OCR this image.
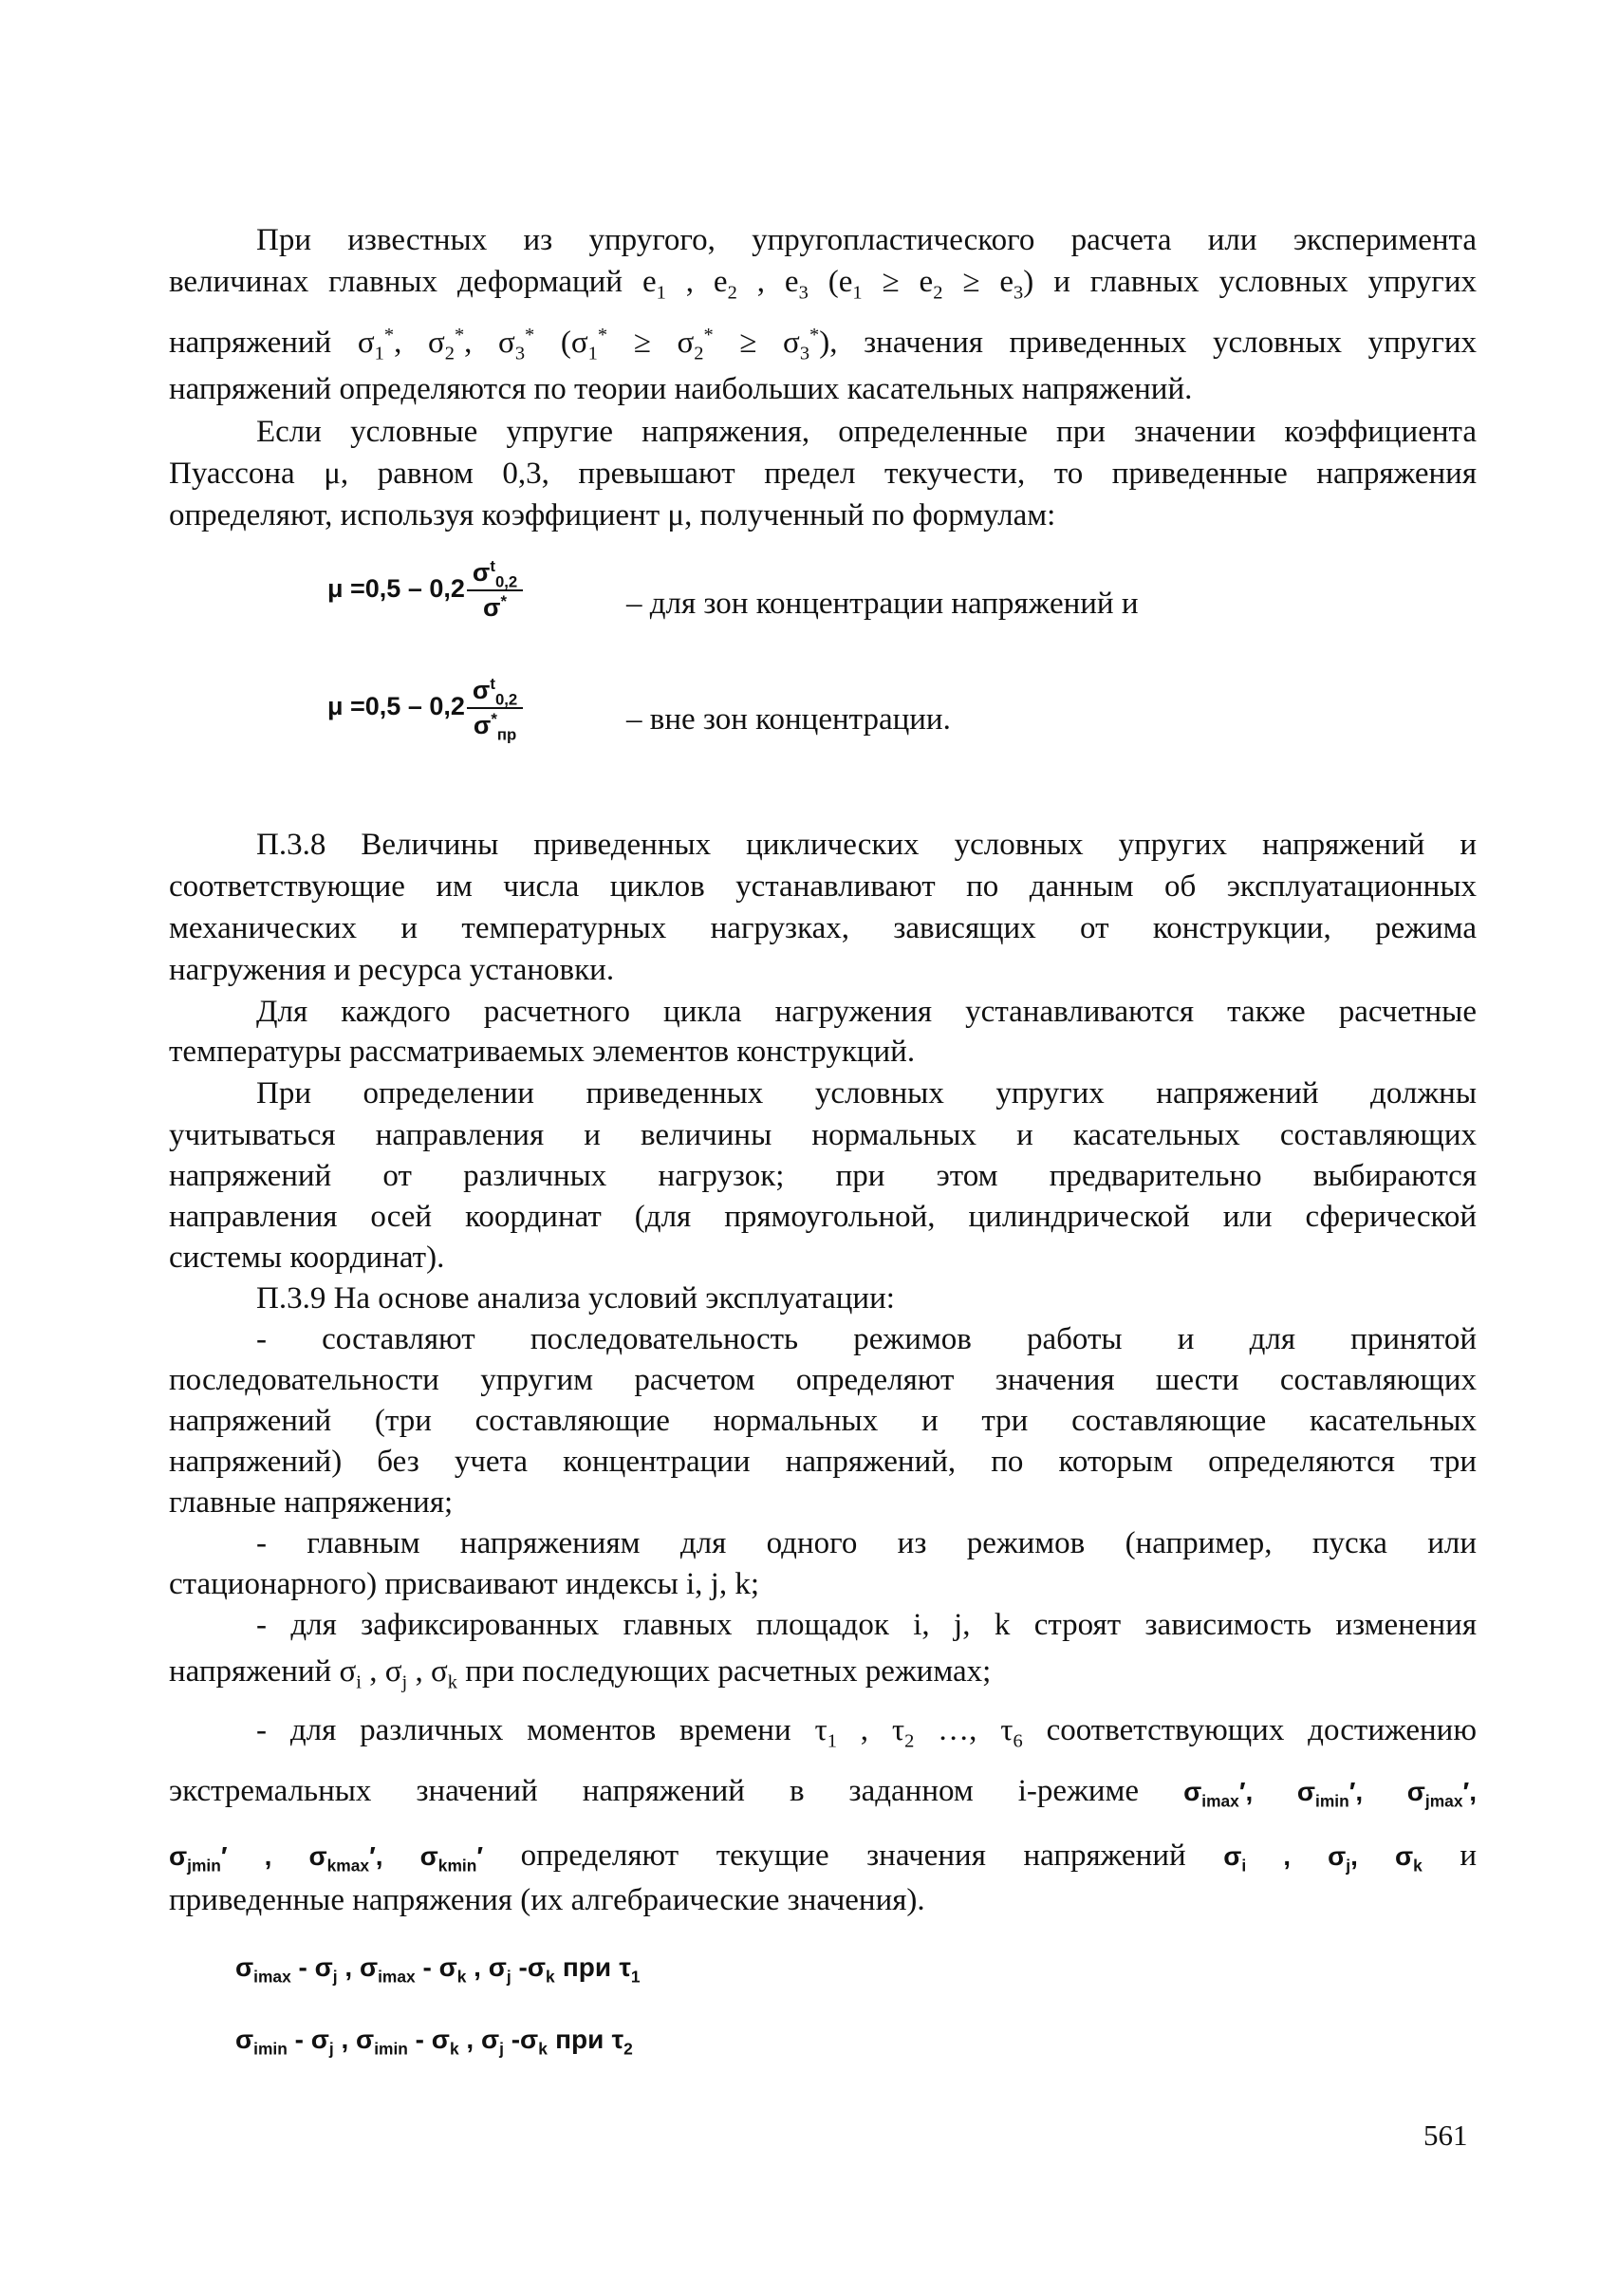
При известных из упругого, упругопластического расчета или эксперимента
величинах главных деформаций $e_1$ , $e_2$ , $e_3$ $(e_1 \ge e_2 \ge e_3)$ и главных условных упругих
напряжений $\sigma_1^*$, $\sigma_2^*$, $\sigma_3^*$ $(\sigma_1^* \ge \sigma_2^* \ge \sigma_3^*)$, значения приведенных условных упругих
напряжений определяются по теории наибольших касательных напряжений.
Если условные упругие напряжения, определенные при значении коэффициента
Пуассона μ, равном 0,3, превышают предел текучести, то приведенные напряжения
определяют, используя коэффициент μ, полученный по формулам:
$\mu =0,5 - 0,2 \frac{\sigma^t_{0,2}}{\sigma^*}$	– для зон концентрации напряжений и
$\mu =0,5 - 0,2 \frac{\sigma^t_{0,2}}{\sigma^*_{пр}}$	– вне зон концентрации.
П.3.8 Величины приведенных циклических условных упругих напряжений и
соответствующие им числа циклов устанавливают по данным об эксплуатационных
механических и температурных нагрузках, зависящих от конструкции, режима
нагружения и ресурса установки.
Для каждого расчетного цикла нагружения устанавливаются также расчетные
температуры рассматриваемых элементов конструкций.
При определении приведенных условных упругих напряжений должны
учитываться направления и величины нормальных и касательных составляющих
напряжений от различных нагрузок; при этом предварительно выбираются
направления осей координат (для прямоугольной, цилиндрической или сферической
системы координат).
П.3.9 На основе анализа условий эксплуатации:
- составляют последовательность режимов работы и для принятой
последовательности упругим расчетом определяют значения шести составляющих
напряжений (три составляющие нормальных и три составляющие касательных
напряжений) без учета концентрации напряжений, по которым определяются три
главные напряжения;
- главным напряжениям для одного из режимов (например, пуска или
стационарного) присваивают индексы i, j, k;
- для зафиксированных главных площадок i, j, k строят зависимость изменения
напряжений $\sigma_i$ , $\sigma_j$ , $\sigma_k$ при последующих расчетных режимах;
- для различных моментов времени $\tau_1$ , $\tau_2$ …, $\tau_6$ соответствующих достижению
экстремальных значений напряжений в заданном i-режиме $\sigma_{imax}'$, $\sigma_{imin}'$, $\sigma_{jmax}'$,
$\sigma_{jmin}'$ , $\sigma_{kmax}'$, $\sigma_{kmin}'$ определяют текущие значения напряжений $\sigma_i$ , $\sigma_j$, $\sigma_k$ и
приведенные напряжения (их алгебраические значения).
$\sigma_{imax} - \sigma_j$ , $\sigma_{imax} - \sigma_k$ , $\sigma_j$ $-\sigma_k$ при $\tau_1$
$\sigma_{imin} - \sigma_j$ , $\sigma_{imin} - \sigma_k$ , $\sigma_j$ $-\sigma_k$ при $\tau_2$
561
